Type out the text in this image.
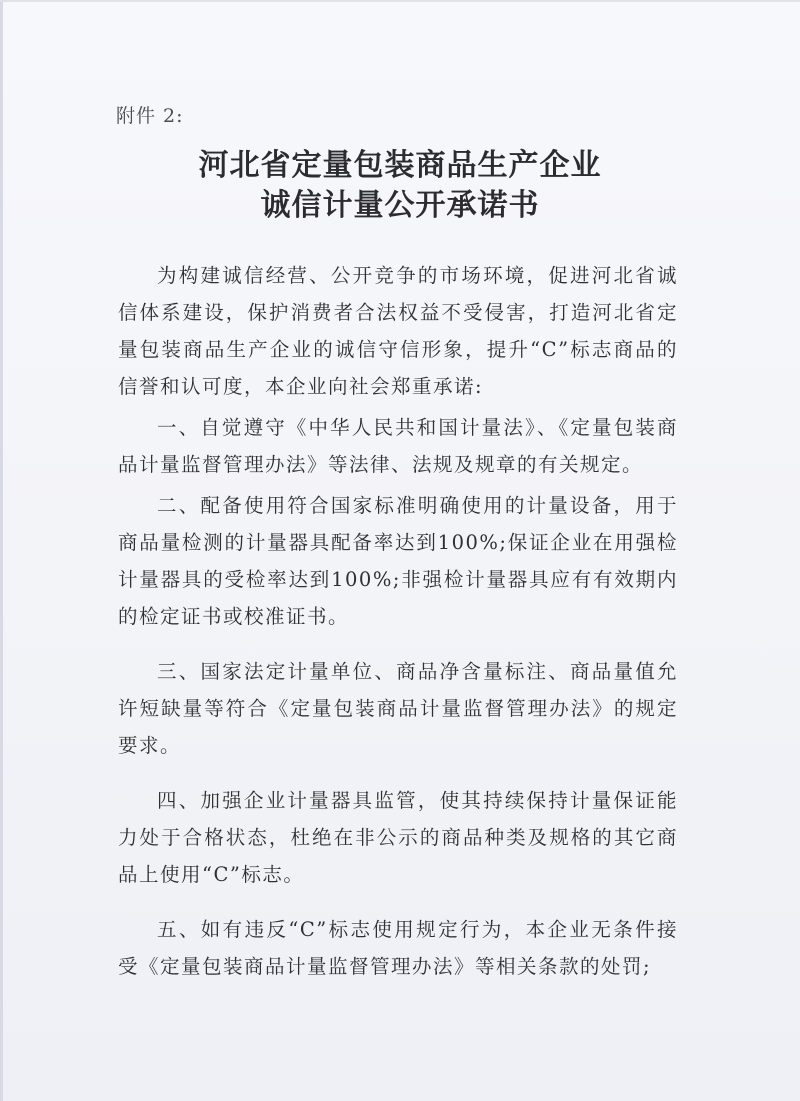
附件 2:
河北省定量包装商品生产企业
诚信计量公开承诺书

为构建诚信经营、公开竞争的市场环境，促进河北省诚信体系建设，保护消费者合法权益不受侵害，打造河北省定量包装商品生产企业的诚信守信形象，提升“C”标志商品的信誉和认可度，本企业向社会郑重承诺:

一、自觉遵守《中华人民共和国计量法》、《定量包装商品计量监督管理办法》等法律、法规及规章的有关规定。

二、配备使用符合国家标准明确使用的计量设备，用于商品量检测的计量器具配备率达到100%;保证企业在用强检计量器具的受检率达到100%;非强检计量器具应有有效期内的检定证书或校准证书。

三、国家法定计量单位、商品净含量标注、商品量值允许短缺量等符合《定量包装商品计量监督管理办法》的规定要求。

四、加强企业计量器具监管，使其持续保持计量保证能力处于合格状态，杜绝在非公示的商品种类及规格的其它商品上使用“C”标志。

五、如有违反“C”标志使用规定行为，本企业无条件接受《定量包装商品计量监督管理办法》等相关条款的处罚;
